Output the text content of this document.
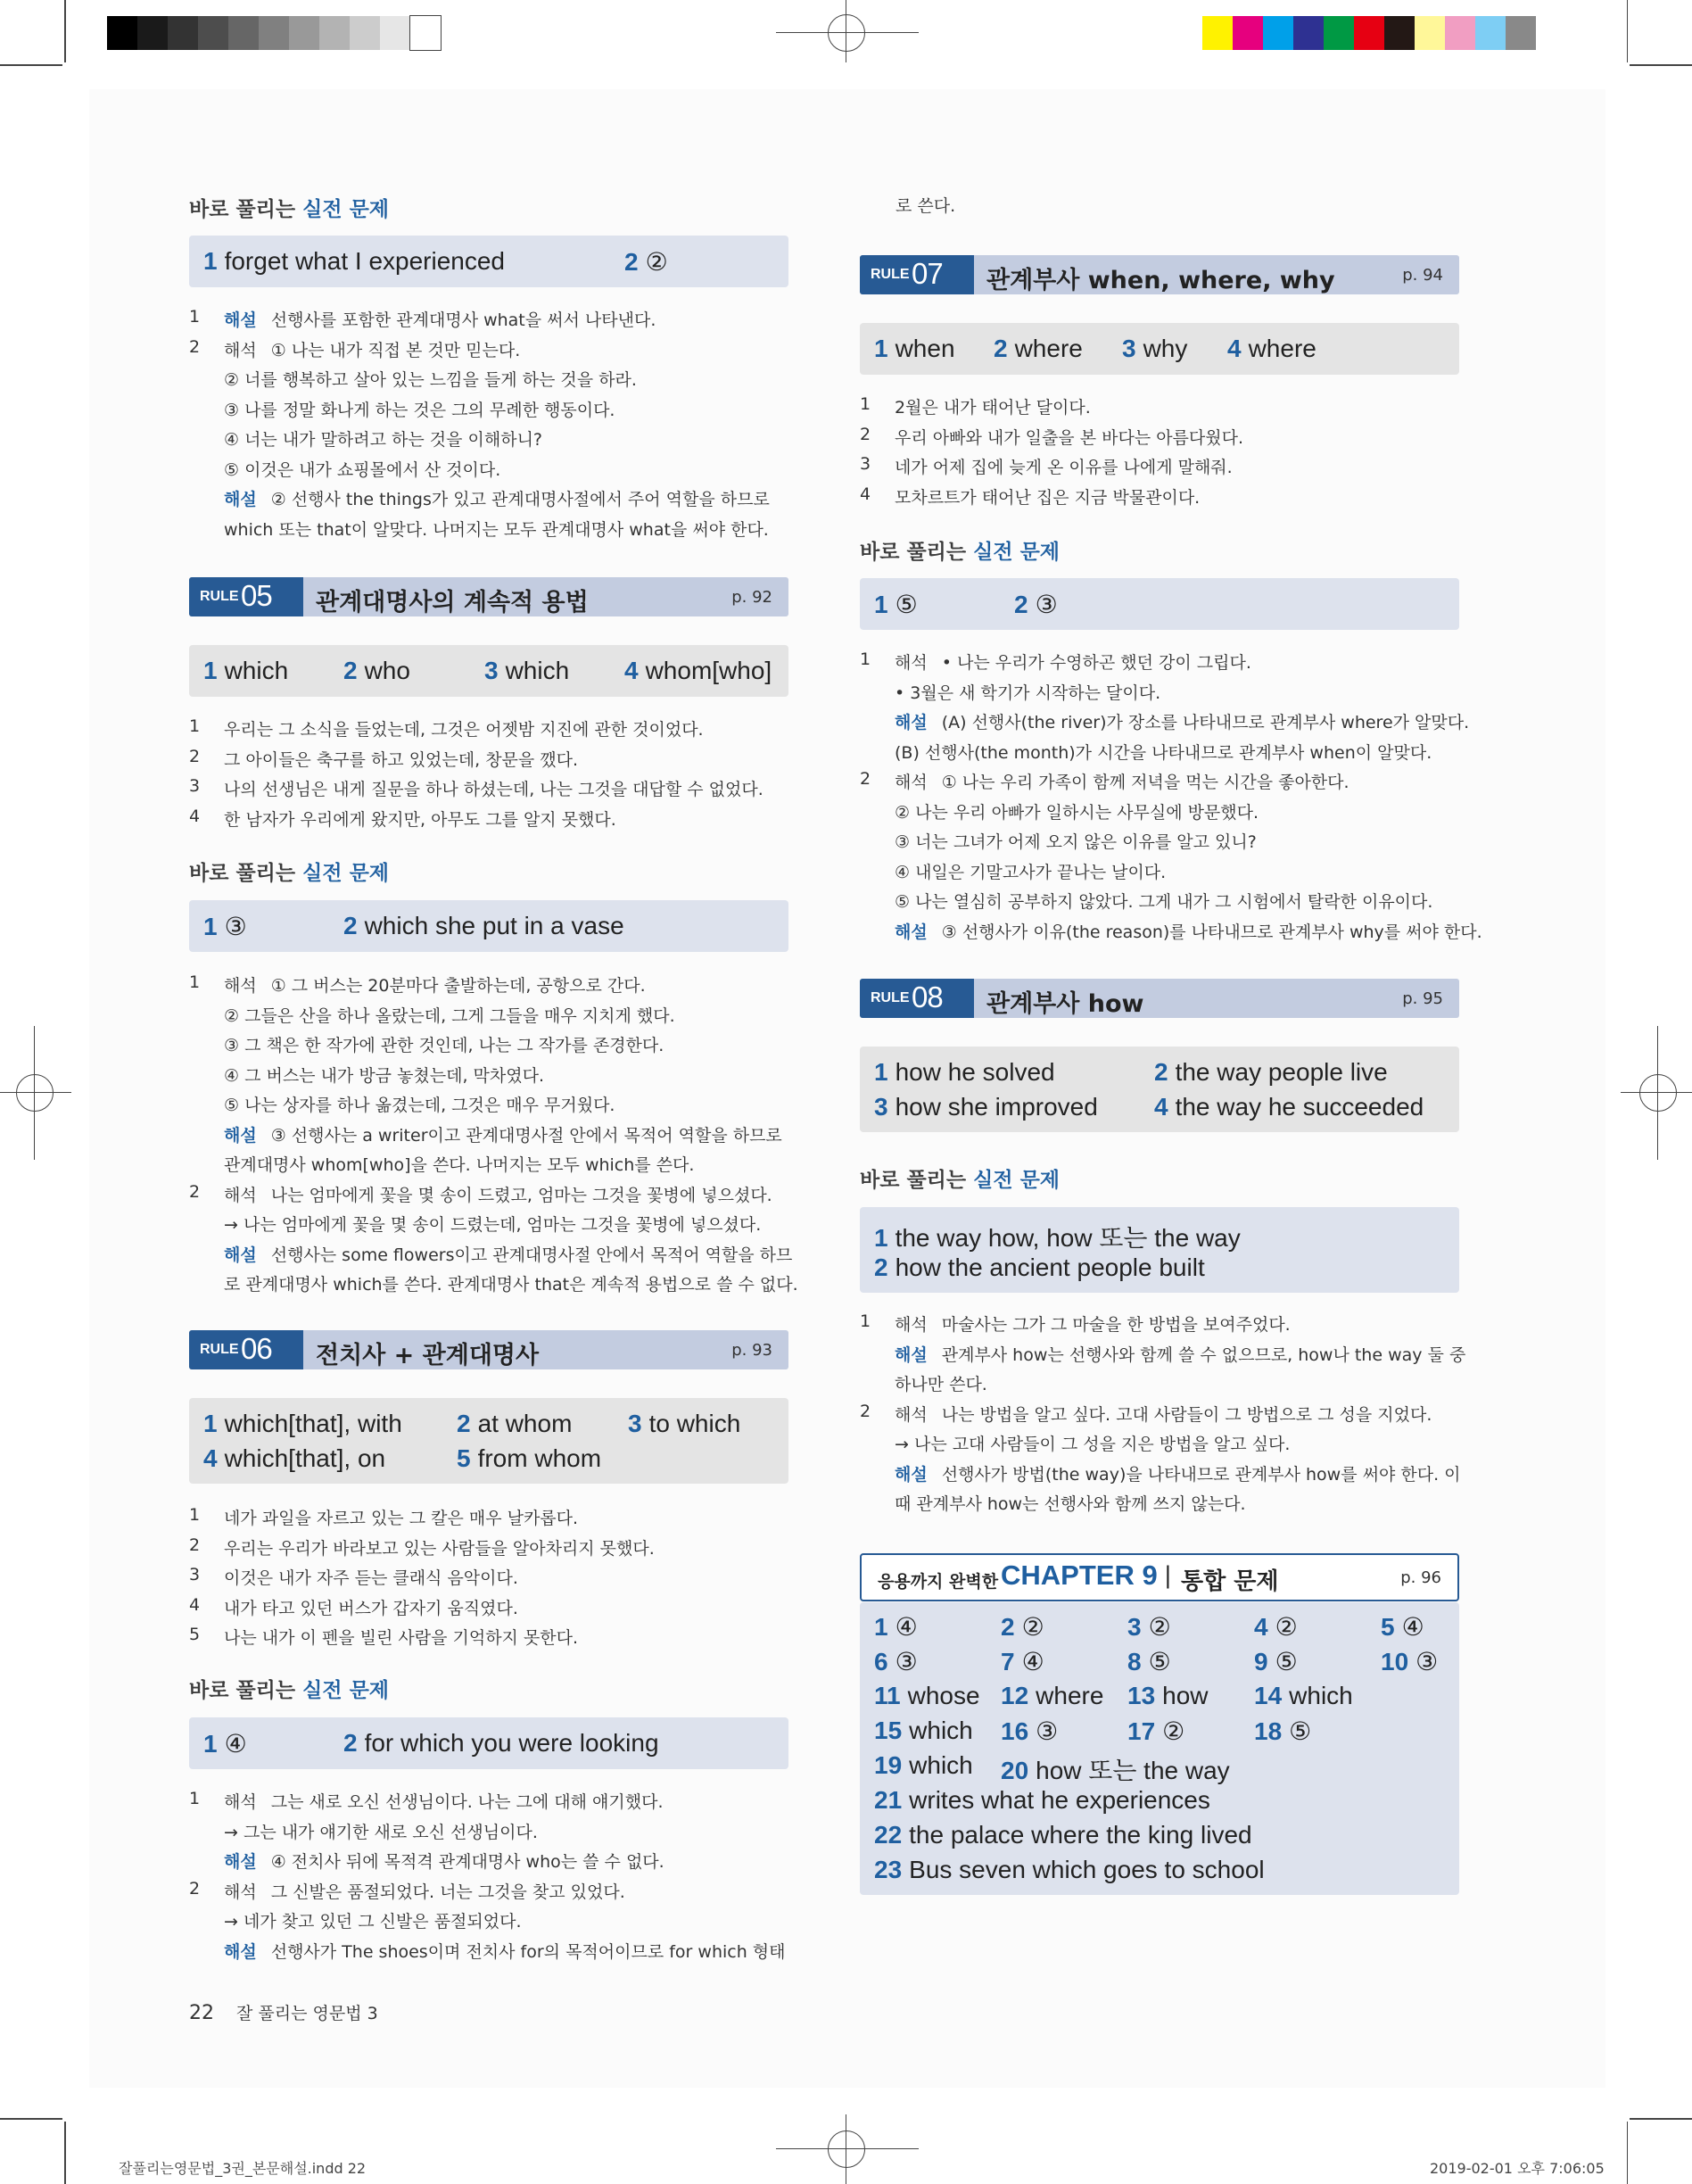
바로 풀리는 실전 문제
1 forget what I experienced	2 ②
1 해설 선행사를 포함한 관계대명사 what을 써서 나타낸다.
2 해석 ① 나는 내가 직접 본 것만 믿는다.
② 너를 행복하고 살아 있는 느낌을 들게 하는 것을 하라.
③ 나를 정말 화나게 하는 것은 그의 무례한 행동이다.
④ 너는 내가 말하려고 하는 것을 이해하니?
⑤ 이것은 내가 쇼핑몰에서 산 것이다.
해설 ② 선행사 the things가 있고 관계대명사절에서 주어 역할을 하므로
which 또는 that이 알맞다. 나머지는 모두 관계대명사 what을 써야 한다.
RULE 05 관계대명사의 계속적 용법	p. 92
1 which 2 who	3 which 4 whom[who]
1 우리는 그 소식을 들었는데, 그것은 어젯밤 지진에 관한 것이었다.
2 그 아이들은 축구를 하고 있었는데, 창문을 깼다.
3 나의 선생님은 내게 질문을 하나 하셨는데, 나는 그것을 대답할 수 없었다.
4 한 남자가 우리에게 왔지만, 아무도 그를 알지 못했다.
바로 풀리는 실전 문제
1 ③	2 which she put in a vase
1 해석 ① 그 버스는 20분마다 출발하는데, 공항으로 간다.
② 그들은 산을 하나 올랐는데, 그게 그들을 매우 지치게 했다.
③ 그 책은 한 작가에 관한 것인데, 나는 그 작가를 존경한다.
④ 그 버스는 내가 방금 놓쳤는데, 막차였다.
⑤ 나는 상자를 하나 옮겼는데, 그것은 매우 무거웠다.
해설 ③ 선행사는 a writer이고 관계대명사절 안에서 목적어 역할을 하므로
관계대명사 whom[who]을 쓴다. 나머지는 모두 which를 쓴다.
2 해석 나는 엄마에게 꽃을 몇 송이 드렸고, 엄마는 그것을 꽃병에 넣으셨다.
→ 나는 엄마에게 꽃을 몇 송이 드렸는데, 엄마는 그것을 꽃병에 넣으셨다.
해설 선행사는 some flowers이고 관계대명사절 안에서 목적어 역할을 하므
로 관계대명사 which를 쓴다. 관계대명사 that은 계속적 용법으로 쓸 수 없다.
RULE 06 전치사 + 관계대명사	p. 93
1 which[that], with 2 at whom 3 to which
4 which[that], on	5 from whom
1 네가 과일을 자르고 있는 그 칼은 매우 날카롭다.
2 우리는 우리가 바라보고 있는 사람들을 알아차리지 못했다.
3 이것은 내가 자주 듣는 클래식 음악이다.
4 내가 타고 있던 버스가 갑자기 움직였다.
5 나는 내가 이 펜을 빌린 사람을 기억하지 못한다.
바로 풀리는 실전 문제
1 ④	2 for which you were looking
1 해석 그는 새로 오신 선생님이다. 나는 그에 대해 얘기했다.
→ 그는 내가 얘기한 새로 오신 선생님이다.
해설 ④ 전치사 뒤에 목적격 관계대명사 who는 쓸 수 없다.
2 해석 그 신발은 품절되었다. 너는 그것을 찾고 있었다.
→ 네가 찾고 있던 그 신발은 품절되었다.
해설 선행사가 The shoes이며 전치사 for의 목적어이므로 for which 형태
22 잘 풀리는 영문법 3
로 쓴다.
RULE 07 관계부사 when, where, why	p. 94
1 when 2 where 3 why 4 where
1 2월은 내가 태어난 달이다.
2 우리 아빠와 내가 일출을 본 바다는 아름다웠다.
3 네가 어제 집에 늦게 온 이유를 나에게 말해줘.
4 모차르트가 태어난 집은 지금 박물관이다.
바로 풀리는 실전 문제
1 ⑤	2 ③
1 해석 • 나는 우리가 수영하곤 했던 강이 그립다.
• 3월은 새 학기가 시작하는 달이다.
해설 (A) 선행사(the river)가 장소를 나타내므로 관계부사 where가 알맞다.
(B) 선행사(the month)가 시간을 나타내므로 관계부사 when이 알맞다.
2 해석 ① 나는 우리 가족이 함께 저녁을 먹는 시간을 좋아한다.
② 나는 우리 아빠가 일하시는 사무실에 방문했다.
③ 너는 그녀가 어제 오지 않은 이유를 알고 있니?
④ 내일은 기말고사가 끝나는 날이다.
⑤ 나는 열심히 공부하지 않았다. 그게 내가 그 시험에서 탈락한 이유이다.
해설 ③ 선행사가 이유(the reason)를 나타내므로 관계부사 why를 써야 한다.
RULE 08 관계부사 how	p. 95
1 how he solved	2 the way people live
3 how she improved 4 the way he succeeded
바로 풀리는 실전 문제
1 the way how, how 또는 the way
2 how the ancient people built
1 해석 마술사는 그가 그 마술을 한 방법을 보여주었다.
해설 관계부사 how는 선행사와 함께 쓸 수 없으므로, how나 the way 둘 중
하나만 쓴다.
2 해석 나는 방법을 알고 싶다. 고대 사람들이 그 방법으로 그 성을 지었다.
→ 나는 고대 사람들이 그 성을 지은 방법을 알고 싶다.
해설 선행사가 방법(the way)을 나타내므로 관계부사 how를 써야 한다. 이
때 관계부사 how는 선행사와 함께 쓰지 않는다.
응용까지 완벽한 CHAPTER 9 | 통합 문제	p. 96
1 ④	2 ②	3 ②	4 ②	5 ④
6 ③	7 ④	8 ⑤	9 ⑤	10 ③
11 whose 12 where 13 how 14 which
15 which 16 ③	17 ②	18 ⑤
19 which 20 how 또는 the way
21 writes what he experiences
22 the palace where the king lived
23 Bus seven which goes to school
잘풀리는영문법_3권_본문해설.indd 22	2019-02-01 오후 7:06:05
